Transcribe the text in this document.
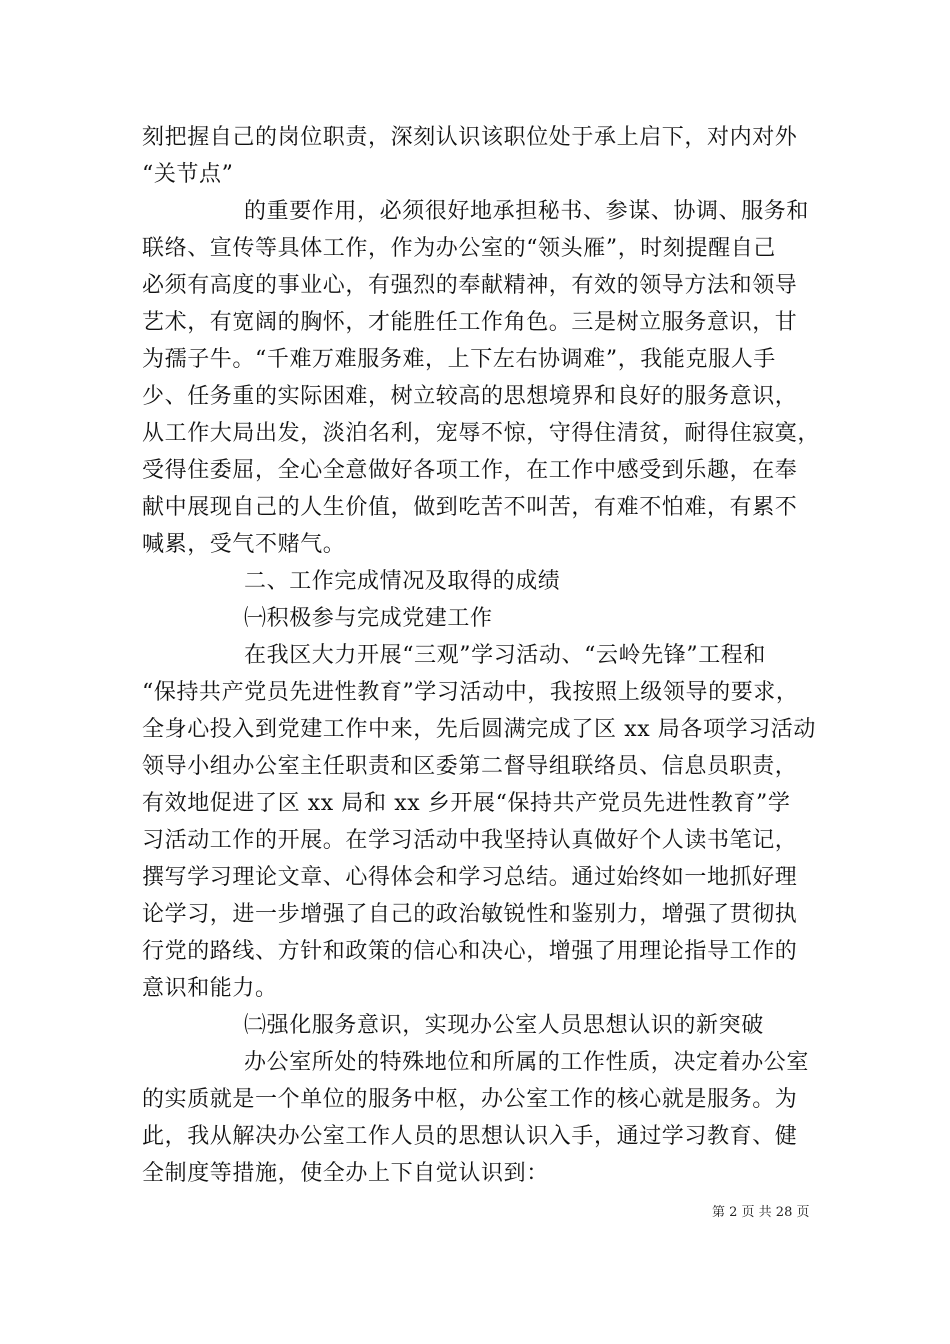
刻把握自己的岗位职责，深刻认识该职位处于承上启下，对内对外
“关节点”
的重要作用，必须很好地承担秘书、参谋、协调、服务和
联络、宣传等具体工作，作为办公室的“领头雁”，时刻提醒自己
必须有高度的事业心，有强烈的奉献精神，有效的领导方法和领导
艺术，有宽阔的胸怀，才能胜任工作角色。三是树立服务意识，甘
为孺子牛。“千难万难服务难，上下左右协调难”，我能克服人手
少、任务重的实际困难，树立较高的思想境界和良好的服务意识，
从工作大局出发，淡泊名利，宠辱不惊，守得住清贫，耐得住寂寞，
受得住委屈，全心全意做好各项工作，在工作中感受到乐趣，在奉
献中展现自己的人生价值，做到吃苦不叫苦，有难不怕难，有累不
喊累，受气不赌气。
二、工作完成情况及取得的成绩
㈠积极参与完成党建工作
在我区大力开展“三观”学习活动、“云岭先锋”工程和
“保持共产党员先进性教育”学习活动中，我按照上级领导的要求，
全身心投入到党建工作中来，先后圆满完成了区 xx 局各项学习活动
领导小组办公室主任职责和区委第二督导组联络员、信息员职责，
有效地促进了区 xx 局和 xx 乡开展“保持共产党员先进性教育”学
习活动工作的开展。在学习活动中我坚持认真做好个人读书笔记，
撰写学习理论文章、心得体会和学习总结。通过始终如一地抓好理
论学习，进一步增强了自己的政治敏锐性和鉴别力，增强了贯彻执
行党的路线、方针和政策的信心和决心，增强了用理论指导工作的
意识和能力。
㈡强化服务意识，实现办公室人员思想认识的新突破
办公室所处的特殊地位和所属的工作性质，决定着办公室
的实质就是一个单位的服务中枢，办公室工作的核心就是服务。为
此，我从解决办公室工作人员的思想认识入手，通过学习教育、健
全制度等措施，使全办上下自觉认识到：
第 2 页 共 28 页
